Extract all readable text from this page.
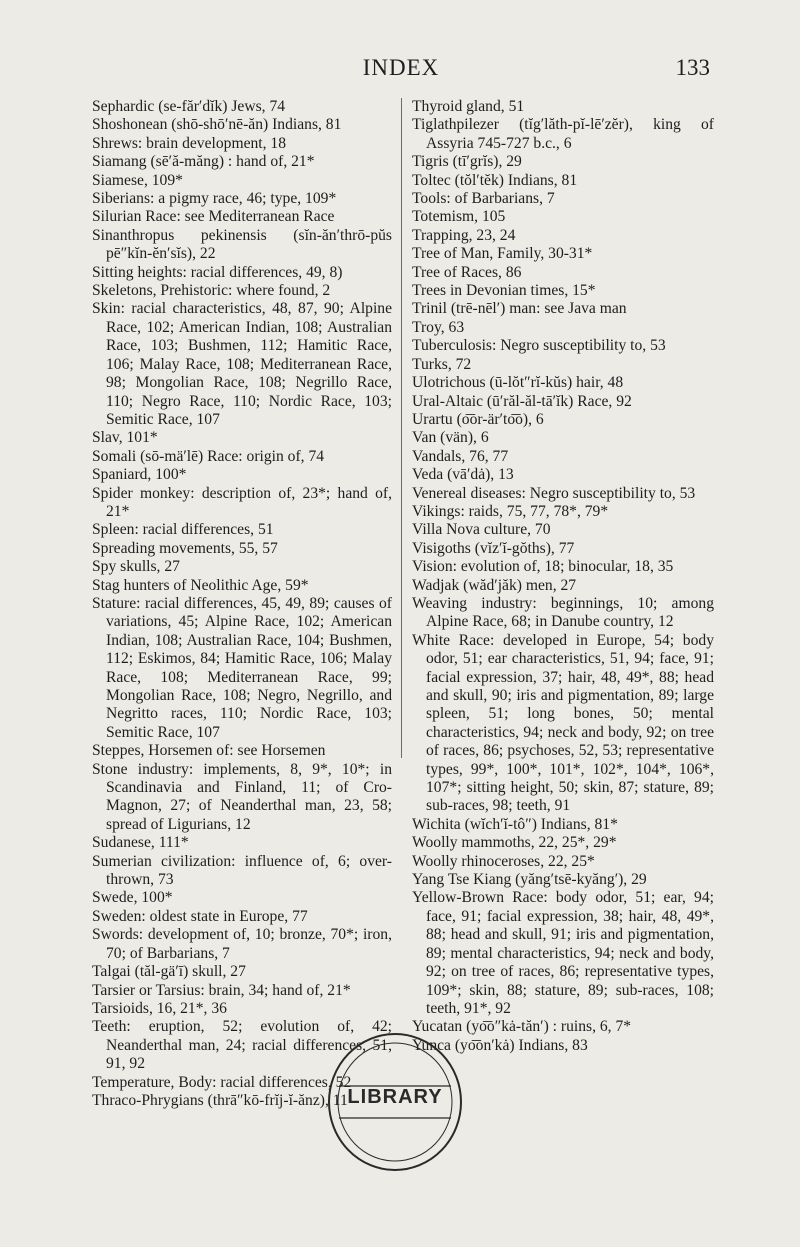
INDEX	133

Sephardic (se-făr′dĭk) Jews, 74

Shoshonean (shō-shō′nē-ăn) Indians, 81

Shrews: brain development, 18

Siamang (sē′ă-măng) : hand of, 21*

Siamese, 109*

Siberians: a pigmy race, 46; type, 109*

Silurian Race: see Mediterranean Race

Sinanthropus pekinensis (sĭn-ăn′thrō-pŭs pē″kĭn-ĕn′sĭs), 22

Sitting heights: racial differences, 49, 8)

Skeletons, Prehistoric: where found, 2

Skin: racial characteristics, 48, 87, 90; Alpine Race, 102; American Indian, 108; Australian Race, 103; Bushmen, 112; Hamitic Race, 106; Malay Race, 108; Mediterranean Race, 98; Mongolian Race, 108; Negrillo Race, 110; Negro Race, 110; Nordic Race, 103; Semitic Race, 107

Slav, 101*

Somali (sō-mä′lē) Race: origin of, 74

Spaniard, 100*

Spider monkey: description of, 23*; hand of, 21*

Spleen: racial differences, 51

Spreading movements, 55, 57

Spy skulls, 27

Stag hunters of Neolithic Age, 59*

Stature: racial differences, 45, 49, 89; causes of variations, 45; Alpine Race, 102; American Indian, 108; Australian Race, 104; Bushmen, 112; Eskimos, 84; Hamitic Race, 106; Malay Race, 108; Mediterranean Race, 99; Mongolian Race, 108; Negro, Negrillo, and Negritto races, 110; Nordic Race, 103; Semitic Race, 107

Steppes, Horsemen of: see Horsemen

Stone industry: implements, 8, 9*, 10*; in Scandinavia and Finland, 11; of Cro-Magnon, 27; of Neanderthal man, 23, 58; spread of Ligurians, 12

Sudanese, 111*

Sumerian civilization: influence of, 6; over-thrown, 73

Swede, 100*

Sweden: oldest state in Europe, 77

Swords: development of, 10; bronze, 70*; iron, 70; of Barbarians, 7

Talgai (tăl-gä′ī) skull, 27

Tarsier or Tarsius: brain, 34; hand of, 21*

Tarsioids, 16, 21*, 36

Teeth: eruption, 52; evolution of, 42; Neanderthal man, 24; racial differences, 51, 91, 92

Temperature, Body: racial differences, 52

Thraco-Phrygians (thrā″kō-frĭj-ĭ-ănz), 11

Thyroid gland, 51

Tiglathpilezer (tĭg′lăth-pĭ-lē′zĕr), king of Assyria 745-727 b.c., 6

Tigris (tī′grĭs), 29

Toltec (tŏl′tĕk) Indians, 81

Tools: of Barbarians, 7

Totemism, 105

Trapping, 23, 24

Tree of Man, Family, 30-31*

Tree of Races, 86

Trees in Devonian times, 15*

Trinil (trē-nēl′) man: see Java man

Troy, 63

Tuberculosis: Negro susceptibility to, 53

Turks, 72

Ulotrichous (ū-lŏt″rĭ-kŭs) hair, 48

Ural-Altaic (ū′răl-ăl-tā′ĭk) Race, 92

Urartu (o͞or-är′to͞o), 6

Van (vän), 6

Vandals, 76, 77

Veda (vā′dȧ), 13

Venereal diseases: Negro susceptibility to, 53

Vikings: raids, 75, 77, 78*, 79*

Villa Nova culture, 70

Visigoths (vĭz′ĭ-gŏths), 77

Vision: evolution of, 18; binocular, 18, 35

Wadjak (wăd′jăk) men, 27

Weaving industry: beginnings, 10; among Alpine Race, 68; in Danube country, 12

White Race: developed in Europe, 54; body odor, 51; ear characteristics, 51, 94; face, 91; facial expression, 37; hair, 48, 49*, 88; head and skull, 90; iris and pigmentation, 89; large spleen, 51; long bones, 50; mental characteristics, 94; neck and body, 92; on tree of races, 86; psychoses, 52, 53; representative types, 99*, 100*, 101*, 102*, 104*, 106*, 107*; sitting height, 50; skin, 87; stature, 89; sub-races, 98; teeth, 91

Wichita (wĭch′ĭ-tô″) Indians, 81*

Woolly mammoths, 22, 25*, 29*

Woolly rhinoceroses, 22, 25*

Yang Tse Kiang (yăng′tsē-kyăng′), 29

Yellow-Brown Race: body odor, 51; ear, 94; face, 91; facial expression, 38; hair, 48, 49*, 88; head and skull, 91; iris and pigmentation, 89; mental characteristics, 94; neck and body, 92; on tree of races, 86; representative types, 109*; skin, 88; stature, 89; sub-races, 108; teeth, 91*, 92

Yucatan (yo͞o″kȧ-tăn′) : ruins, 6, 7*

Yunca (yo͞on′kȧ) Indians, 83

LIBRARY
